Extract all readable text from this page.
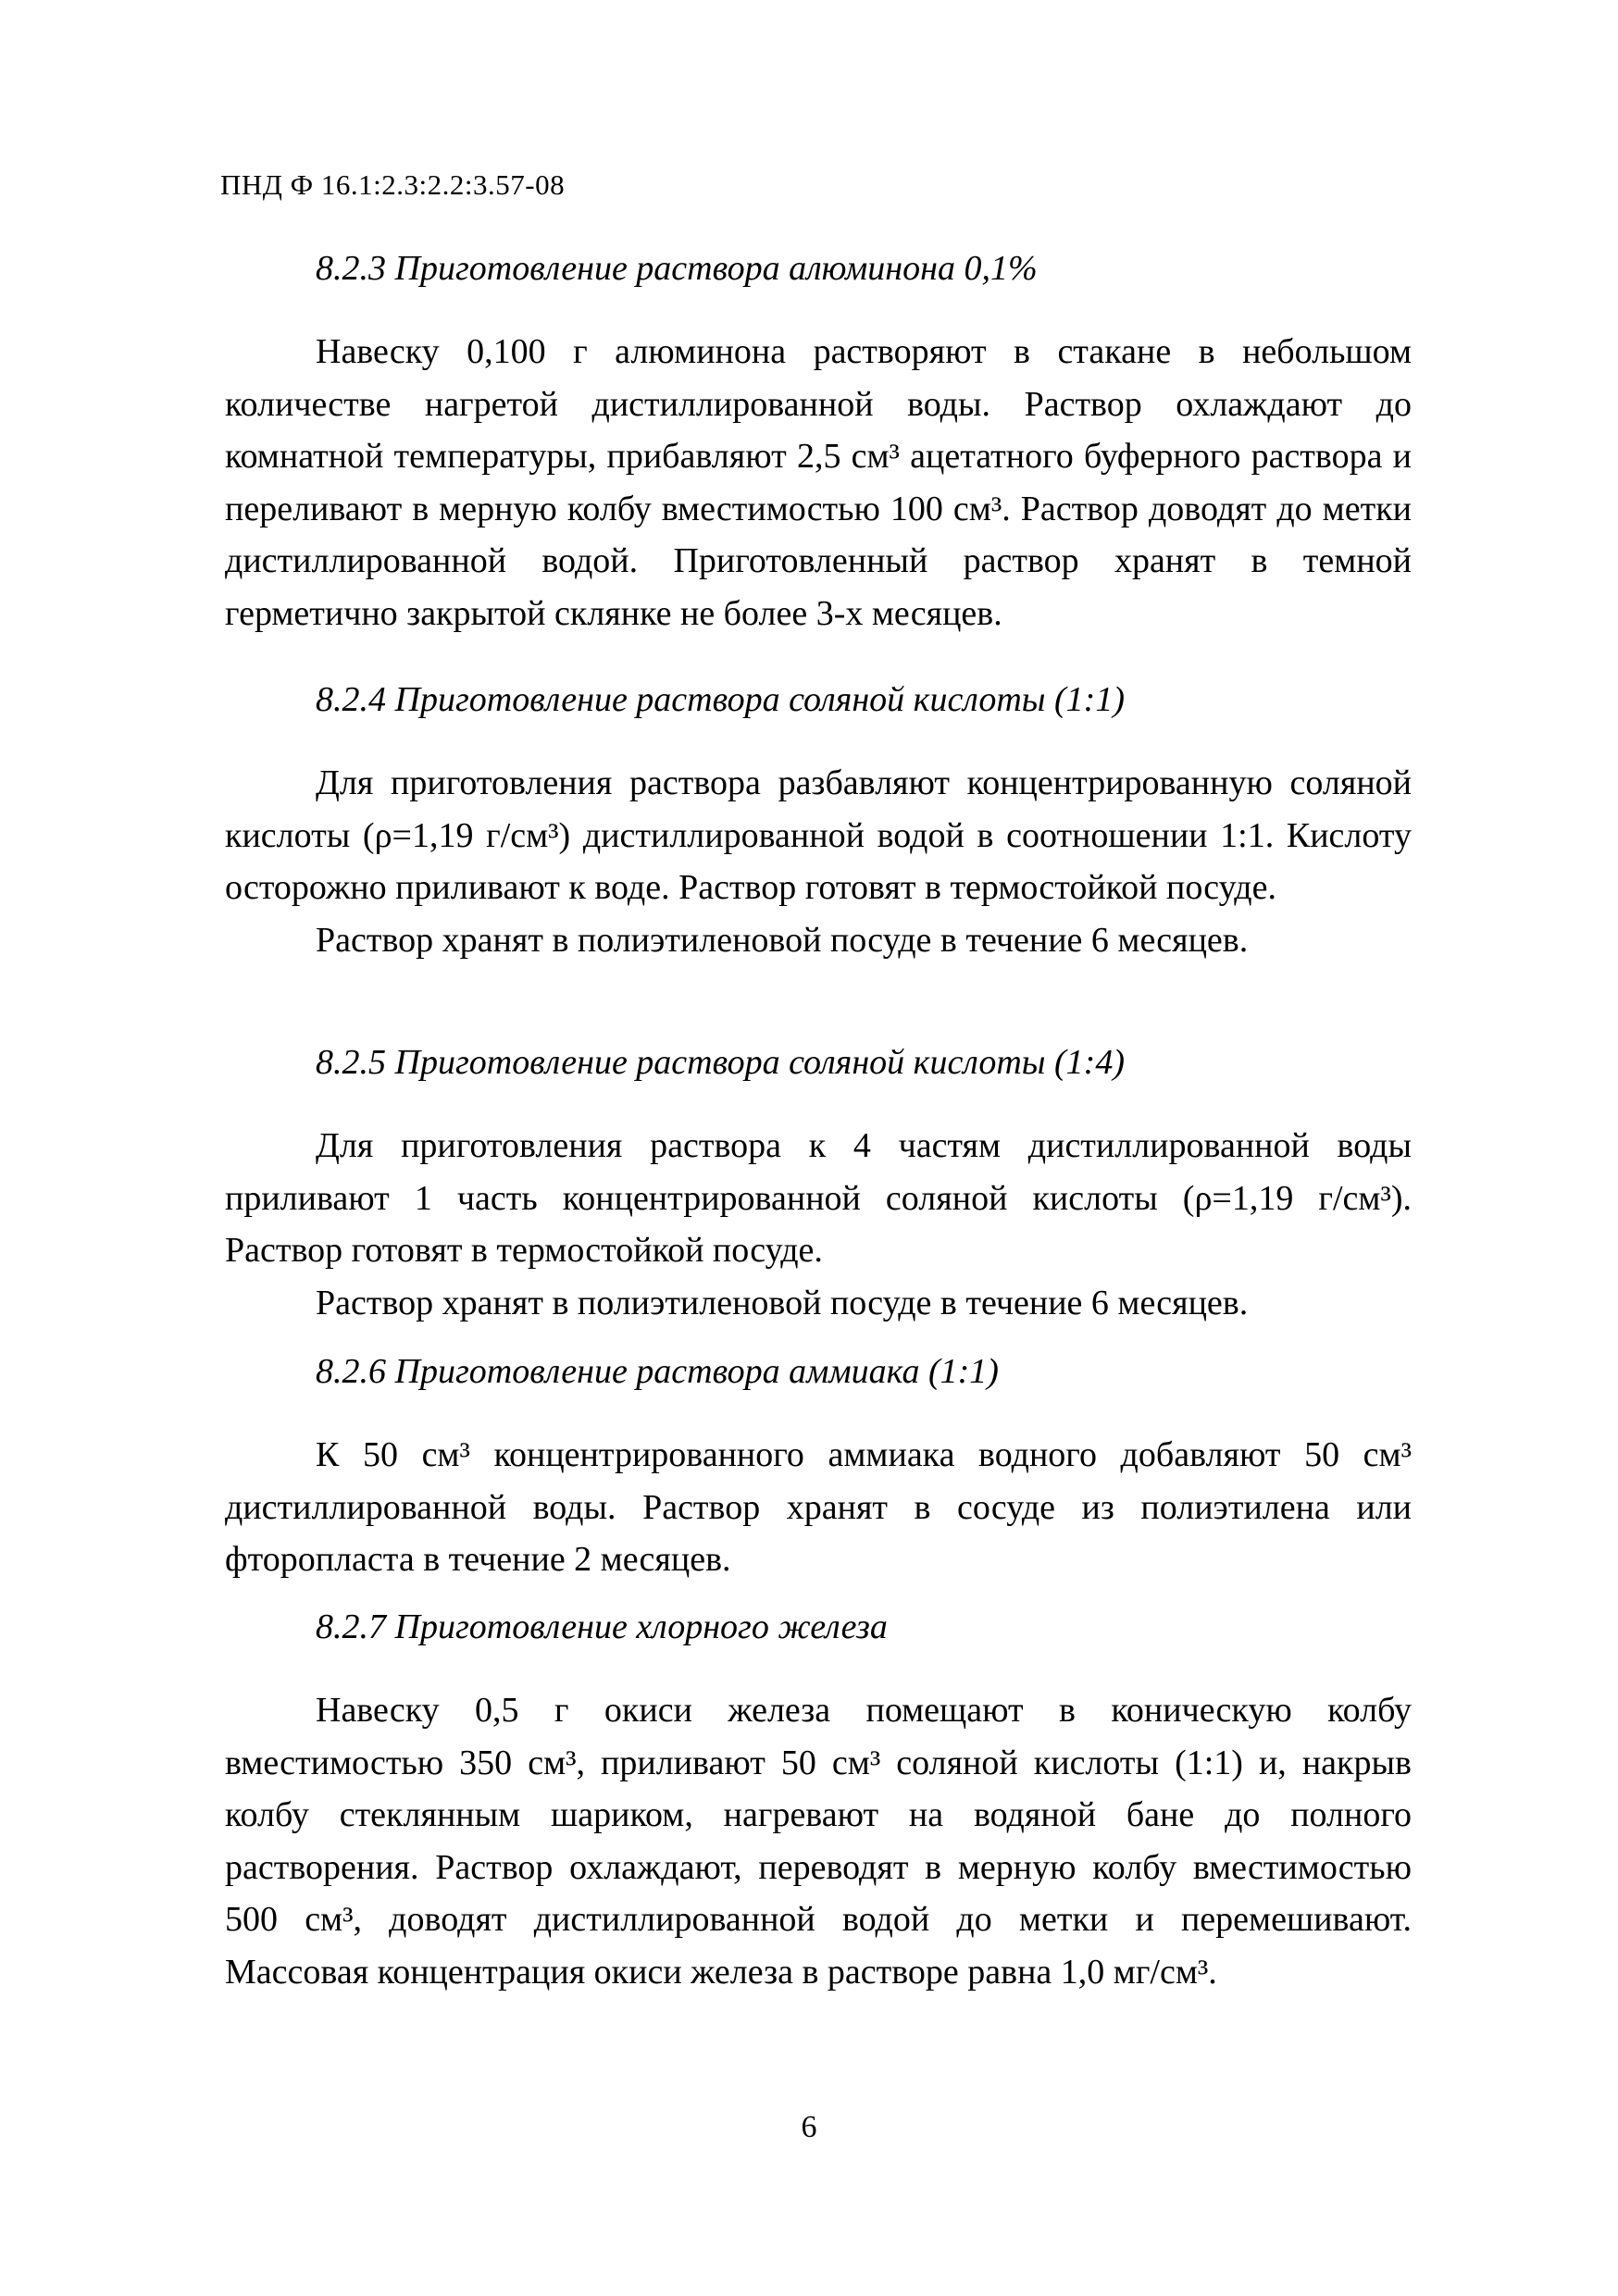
ПНД Ф 16.1:2.3:2.2:3.57-08
8.2.3 Приготовление раствора алюминона 0,1%

Навеску 0,100 г алюминона растворяют в стакане в небольшом количестве нагретой дистиллированной воды. Раствор охлаждают до комнатной температуры, прибавляют 2,5 см³ ацетатного буферного раствора и переливают в мерную колбу вместимостью 100 см³. Раствор доводят до метки дистиллированной водой. Приготовленный раствор хранят в темной герметично закрытой склянке не более 3-х месяцев.

8.2.4 Приготовление раствора соляной кислоты (1:1)

Для приготовления раствора разбавляют концентрированную соляной кислоты (ρ=1,19 г/см³) дистиллированной водой в соотношении 1:1. Кислоту осторожно приливают к воде. Раствор готовят в термостойкой посуде.

Раствор хранят в полиэтиленовой посуде в течение 6 месяцев.

8.2.5 Приготовление раствора соляной кислоты (1:4)

Для приготовления раствора к 4 частям дистиллированной воды приливают 1 часть концентрированной соляной кислоты (ρ=1,19 г/см³). Раствор готовят в термостойкой посуде.

Раствор хранят в полиэтиленовой посуде в течение 6 месяцев.

8.2.6 Приготовление раствора аммиака (1:1)

К 50 см³ концентрированного аммиака водного добавляют 50 см³ дистиллированной воды. Раствор хранят в сосуде из полиэтилена или фторопласта в течение 2 месяцев.

8.2.7 Приготовление хлорного железа

Навеску 0,5 г окиси железа помещают в коническую колбу вместимостью 350 см³, приливают 50 см³ соляной кислоты (1:1) и, накрыв колбу стеклянным шариком, нагревают на водяной бане до полного растворения. Раствор охлаждают, переводят в мерную колбу вместимостью 500 см³, доводят дистиллированной водой до метки и перемешивают. Массовая концентрация окиси железа в растворе равна 1,0 мг/см³.

6
